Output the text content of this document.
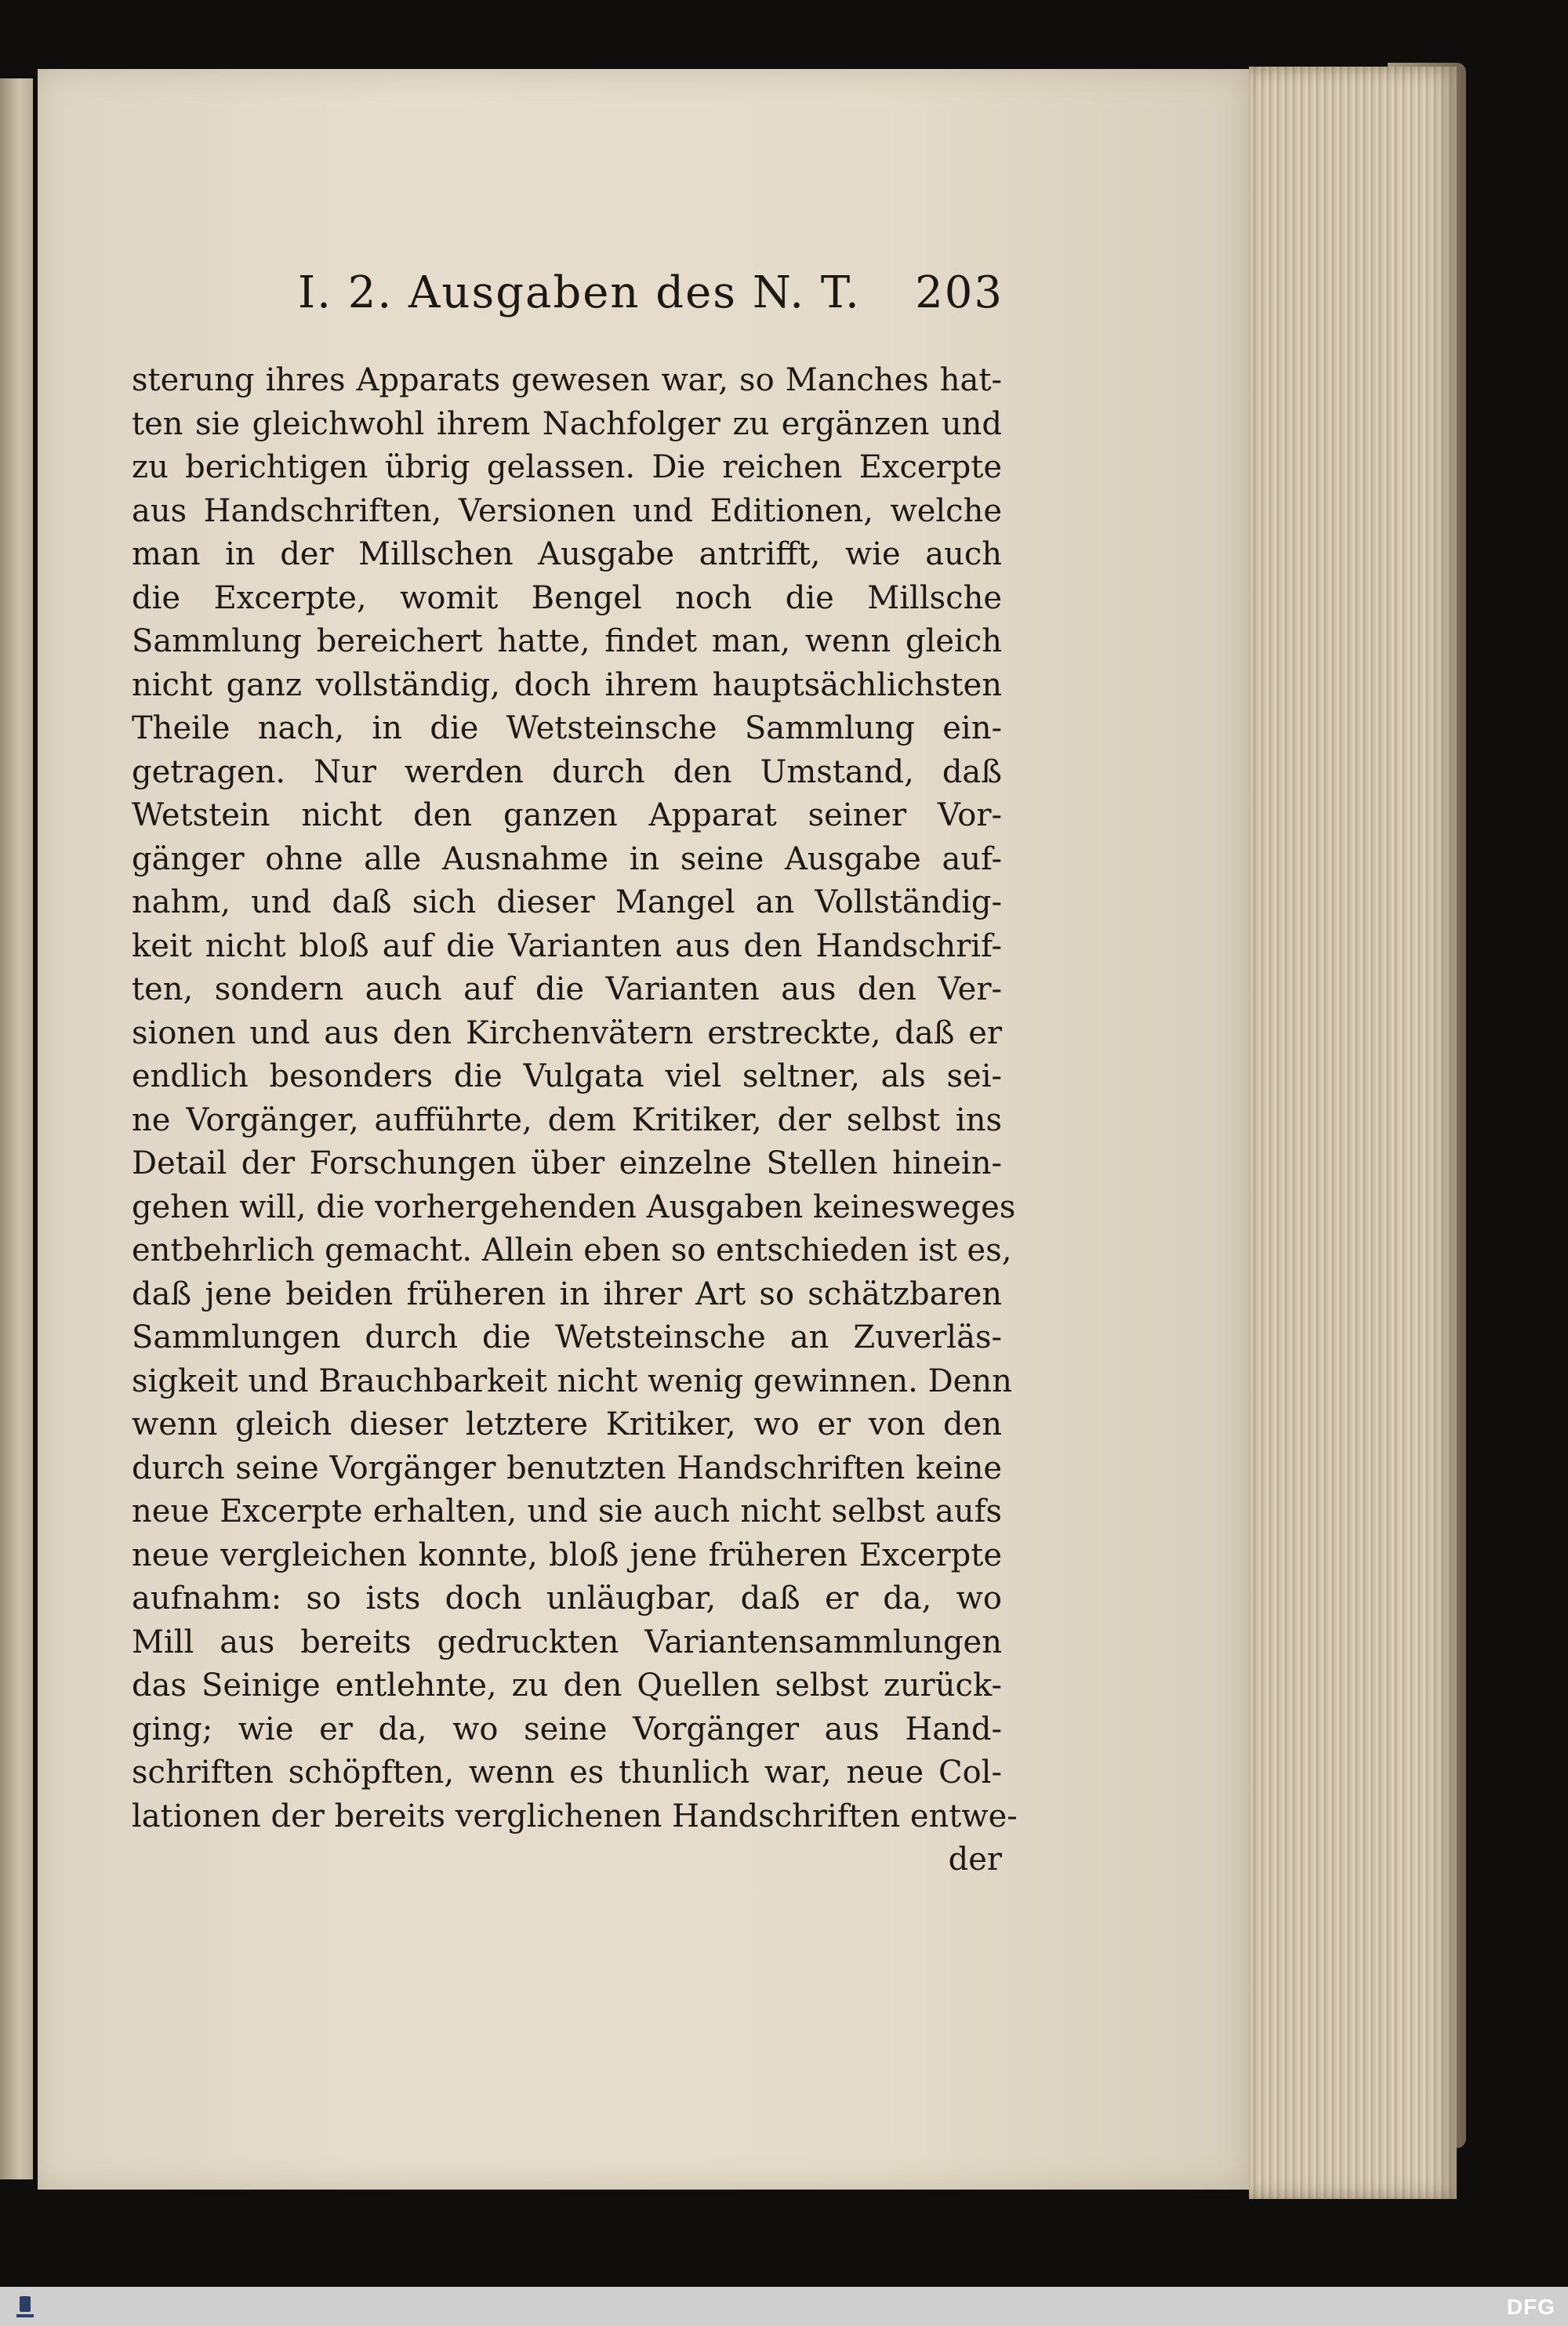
I. 2. Ausgaben des N. T.	203
sterung ihres Apparats gewesen war, so Manches hat-
ten sie gleichwohl ihrem Nachfolger zu ergänzen und
zu berichtigen übrig gelassen. Die reichen Excerpte
aus Handschriften, Versionen und Editionen, welche
man in der Millschen Ausgabe antrifft, wie auch
die Excerpte, womit Bengel noch die Millsche
Sammlung bereichert hatte, findet man, wenn gleich
nicht ganz vollständig, doch ihrem hauptsächlichsten
Theile nach, in die Wetsteinsche Sammlung ein-
getragen. Nur werden durch den Umstand, daß
Wetstein nicht den ganzen Apparat seiner Vor-
gänger ohne alle Ausnahme in seine Ausgabe auf-
nahm, und daß sich dieser Mangel an Vollständig-
keit nicht bloß auf die Varianten aus den Handschrif-
ten, sondern auch auf die Varianten aus den Ver-
sionen und aus den Kirchenvätern erstreckte, daß er
endlich besonders die Vulgata viel seltner, als sei-
ne Vorgänger, aufführte, dem Kritiker, der selbst ins
Detail der Forschungen über einzelne Stellen hinein-
gehen will, die vorhergehenden Ausgaben keinesweges
entbehrlich gemacht. Allein eben so entschieden ist es,
daß jene beiden früheren in ihrer Art so schätzbaren
Sammlungen durch die Wetsteinsche an Zuverläs-
sigkeit und Brauchbarkeit nicht wenig gewinnen. Denn
wenn gleich dieser letztere Kritiker, wo er von den
durch seine Vorgänger benutzten Handschriften keine
neue Excerpte erhalten, und sie auch nicht selbst aufs
neue vergleichen konnte, bloß jene früheren Excerpte
aufnahm: so ists doch unläugbar, daß er da, wo
Mill aus bereits gedruckten Variantensammlungen
das Seinige entlehnte, zu den Quellen selbst zurück-
ging; wie er da, wo seine Vorgänger aus Hand-
schriften schöpften, wenn es thunlich war, neue Col-
lationen der bereits verglichenen Handschriften entwe-
der
DFG
